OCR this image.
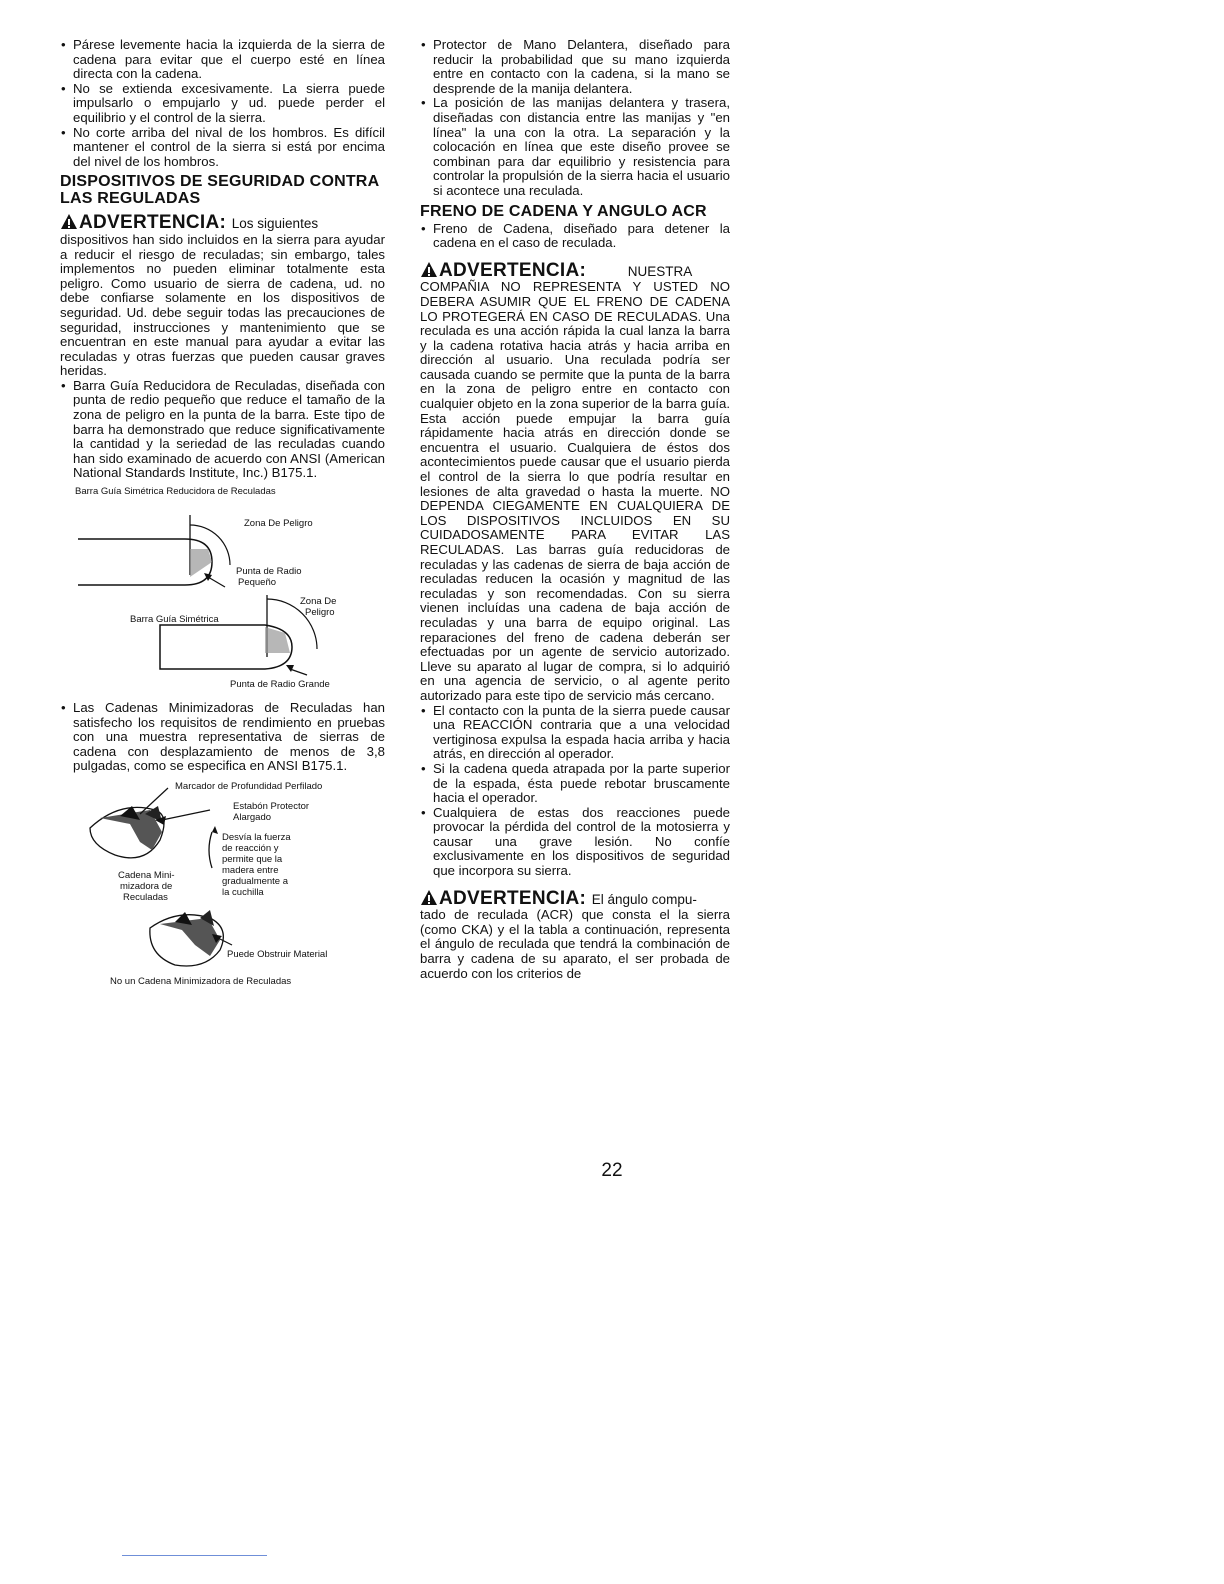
• Párese levemente hacia la izquierda de la sierra de cadena para evitar que el cuerpo esté en línea directa con la cadena.
• No se extienda excesivamente. La sierra puede impulsarlo o empujarlo y ud. puede perder el equilibrio y el control de la sierra.
• No corte arriba del nival de los hombros. Es difícil mantener el control de la sierra si está por encima del nivel de los hombros.
DISPOSITIVOS DE SEGURIDAD CONTRA LAS REGULADAS
ADVERTENCIA: Los siguientes

dispositivos han sido incluidos en la sierra para ayudar a reducir el riesgo de reculadas; sin embargo, tales implementos no pueden eliminar totalmente esta peligro. Como usuario de sierra de cadena, ud. no debe confiarse solamente en los dispositivos de seguridad. Ud. debe seguir todas las precauciones de seguridad, instrucciones y mantenimiento que se encuentran en este manual para ayudar a evitar las reculadas y otras fuerzas que pueden causar graves heridas.

• Barra Guía Reducidora de Reculadas, diseñada con punta de redio pequeño que reduce el tamaño de la zona de peligro en la punta de la barra. Este tipo de barra ha demonstrado que reduce significativamente la cantidad y la seriedad de las reculadas cuando han sido examinado de acuerdo con ANSI (American National Standards Institute, Inc.) B175.1.
Barra Guía Simétrica Reducidora de Reculadas
Zona De Peligro
Punta de Radio
Pequeño
Barra Guía Simétrica
Zona De
Peligro
Punta de Radio Grande
• Las Cadenas Minimizadoras de Reculadas han satisfecho los requisitos de rendimiento en pruebas con una muestra representativa de sierras de cadena con desplazamiento de menos de 3,8 pulgadas, como se especifica en ANSI B175.1.
Marcador de Profundidad Perfilado
Estabón Protector
Alargado
Desvía la fuerza
de reacción y
permite que la
madera entre
gradualmente a
la cuchilla
Cadena Mini-
mizadora de
Reculadas
Puede Obstruir Material
No un Cadena Minimizadora de Reculadas
• Protector de Mano Delantera, diseñado para reducir la probabilidad que su mano izquierda entre en contacto con la cadena, si la mano se desprende de la manija delantera.
• La posición de las manijas delantera y trasera, diseñadas con distancia entre las manijas y "en línea" la una con la otra. La separación y la colocación en línea que este diseño provee se combinan para dar equilibrio y resistencia para controlar la propulsión de la sierra hacia el usuario si acontece una reculada.
FRENO DE CADENA Y ANGULO ACR
• Freno de Cadena, diseñado para detener la cadena en el caso de reculada.
ADVERTENCIA:	NUESTRA

COMPAÑIA NO REPRESENTA Y USTED NO DEBERA ASUMIR QUE EL FRENO DE CADENA LO PROTEGERÁ EN CASO DE RECULADAS. Una reculada es una acción rápida la cual lanza la barra y la cadena rotativa hacia atrás y hacia arriba en dirección al usuario. Una reculada podría ser causada cuando se permite que la punta de la barra en la zona de peligro entre en contacto con cualquier objeto en la zona superior de la barra guía. Esta acción puede empujar la barra guía rápidamente hacia atrás en dirección donde se encuentra el usuario. Cualquiera de éstos dos acontecimientos puede causar que el usuario pierda el control de la sierra lo que podría resultar en lesiones de alta gravedad o hasta la muerte. NO DEPENDA CIEGAMENTE EN CUALQUIERA DE LOS DISPOSITIVOS INCLUIDOS EN SU CUIDADOSAMENTE PARA EVITAR LAS RECULADAS. Las barras guía reducidoras de reculadas y las cadenas de sierra de baja acción de reculadas reducen la ocasión y magnitud de las reculadas y son recomendadas. Con su sierra vienen incluídas una cadena de baja acción de reculadas y una barra de equipo original. Las reparaciones del freno de cadena deberán ser efectuadas por un agente de servicio autorizado. Lleve su aparato al lugar de compra, si lo adquirió en una agencia de servicio, o al agente perito autorizado para este tipo de servicio más cercano.

• El contacto con la punta de la sierra puede causar una REACCIÓN contraria que a una velocidad vertiginosa expulsa la espada hacia arriba y hacia atrás, en dirección al operador.
• Si la cadena queda atrapada por la parte superior de la espada, ésta puede rebotar bruscamente hacia el operador.
• Cualquiera de estas dos reacciones puede provocar la pérdida del control de la motosierra y causar una grave lesión. No confíe exclusivamente en los dispositivos de seguridad que incorpora su sierra.
ADVERTENCIA: El ángulo compu-

tado de reculada (ACR) que consta el la sierra (como CKA) y el la tabla a continuación, representa el ángulo de reculada que tendrá la combinación de barra y cadena de su aparato, el ser probada de acuerdo con los criterios de

22
